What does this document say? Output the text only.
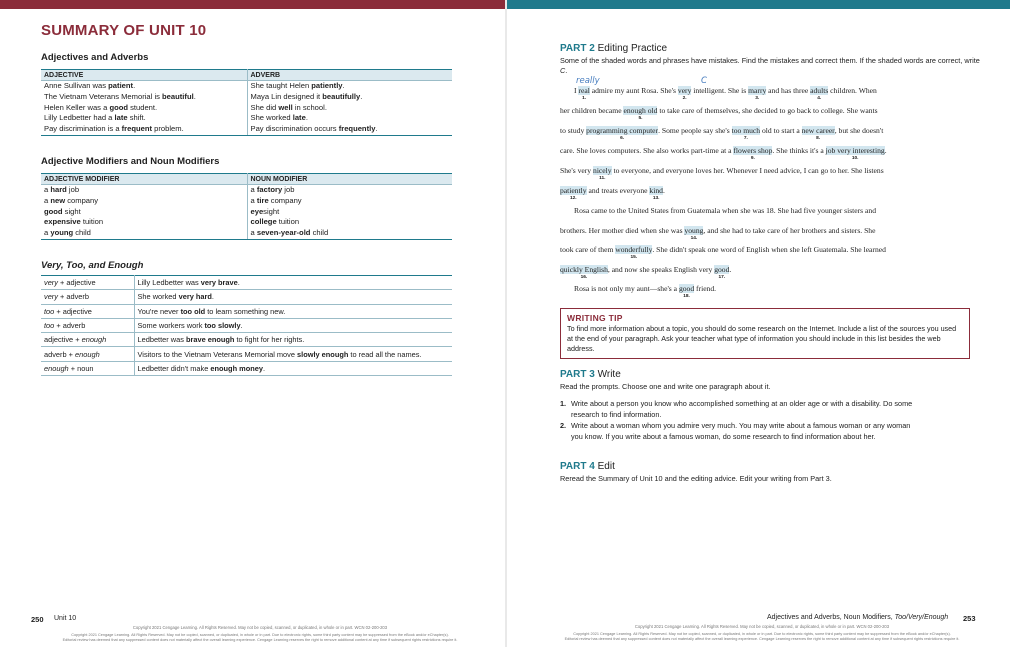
SUMMARY OF UNIT 10
Adjectives and Adverbs
ADJECTIVE	ADVERB
Anne Sullivan was patient.	She taught Helen patiently.
The Vietnam Veterans Memorial is beautiful.	Maya Lin designed it beautifully.
Helen Keller was a good student.	She did well in school.
Lilly Ledbetter had a late shift.	She worked late.
Pay discrimination is a frequent problem.	Pay discrimination occurs frequently.
Adjective Modifiers and Noun Modifiers
ADJECTIVE MODIFIER	NOUN MODIFIER
a hard job	a factory job
a new company	a tire company
good sight	eyesight
expensive tuition	college tuition
a young child	a seven-year-old child
Very, Too, and Enough
very + adjective	Lilly Ledbetter was very brave.
very + adverb	She worked very hard.
too + adjective	You're never too old to learn something new.
too + adverb	Some workers work too slowly.
adjective + enough	Ledbetter was brave enough to fight for her rights.
adverb + enough	Visitors to the Vietnam Veterans Memorial move slowly enough to read all the names.
enough + noun	Ledbetter didn't make enough money.
250 Unit 10
Copyright 2021 Cengage Learning. All Rights Reserved. May not be copied, scanned, or duplicated, in whole or in part. WCN 02-200-203
Copyright 2021 Cengage Learning. All Rights Reserved. May not be copied, scanned, or duplicated, in whole or in part. Due to electronic rights, some third party content may be suppressed from the eBook and/or eChapter(s).
Editorial review has deemed that any suppressed content does not materially affect the overall learning experience. Cengage Learning reserves the right to remove additional content at any time if subsequent rights restrictions require it.
PART 2 Editing Practice
Some of the shaded words and phrases have mistakes. Find the mistakes and correct them. If the shaded words are correct, write C.
really	C
I real
1.
admire my aunt Rosa. She's very
2.
intelligent. She is marry
3.
and has three adults
4.
children. When
her children became enough old
5.
to take care of themselves, she decided to go back to college. She wants
to study programming computer
6.
. Some people say she's too much
7.
old to start a new career
8.
, but she doesn't
care. She loves computers. She also works part-time at a flowers shop
9.
. She thinks it's a job very interesting
10.
.
She's very nicely
11.
to everyone, and everyone loves her. Whenever I need advice, I can go to her. She listens
patiently
12.
and treats everyone kind
13.
.
Rosa came to the United States from Guatemala when she was 18. She had five younger sisters and
brothers. Her mother died when she was young
14.
, and she had to take care of her brothers and sisters. She
took care of them wonderfully
15.
. She didn't speak one word of English when she left Guatemala. She learned
quickly English
16.
, and now she speaks English very good
17.
.
Rosa is not only my aunt—she's a good
18.
friend.
WRITING TIP
To find more information about a topic, you should do some research on the Internet. Include a list of the sources you used at the end of your paragraph. Ask your teacher what type of information you should include in this list besides the web address.
PART 3 Write
Read the prompts. Choose one and write one paragraph about it.
1. Write about a person you know who accomplished something at an older age or with a disability. Do some research to find information.
2. Write about a woman whom you admire very much. You may write about a famous woman or any woman you know. If you write about a famous woman, do some research to find information about her.
PART 4 Edit
Reread the Summary of Unit 10 and the editing advice. Edit your writing from Part 3.
Adjectives and Adverbs, Noun Modifiers, Too/Very/Enough 253
Copyright 2021 Cengage Learning. All Rights Reserved. May not be copied, scanned, or duplicated, in whole or in part. WCN 02-200-203
Copyright 2021 Cengage Learning. All Rights Reserved. May not be copied, scanned, or duplicated, in whole or in part. Due to electronic rights, some third party content may be suppressed from the eBook and/or eChapter(s).
Editorial review has deemed that any suppressed content does not materially affect the overall learning experience. Cengage Learning reserves the right to remove additional content at any time if subsequent rights restrictions require it.
